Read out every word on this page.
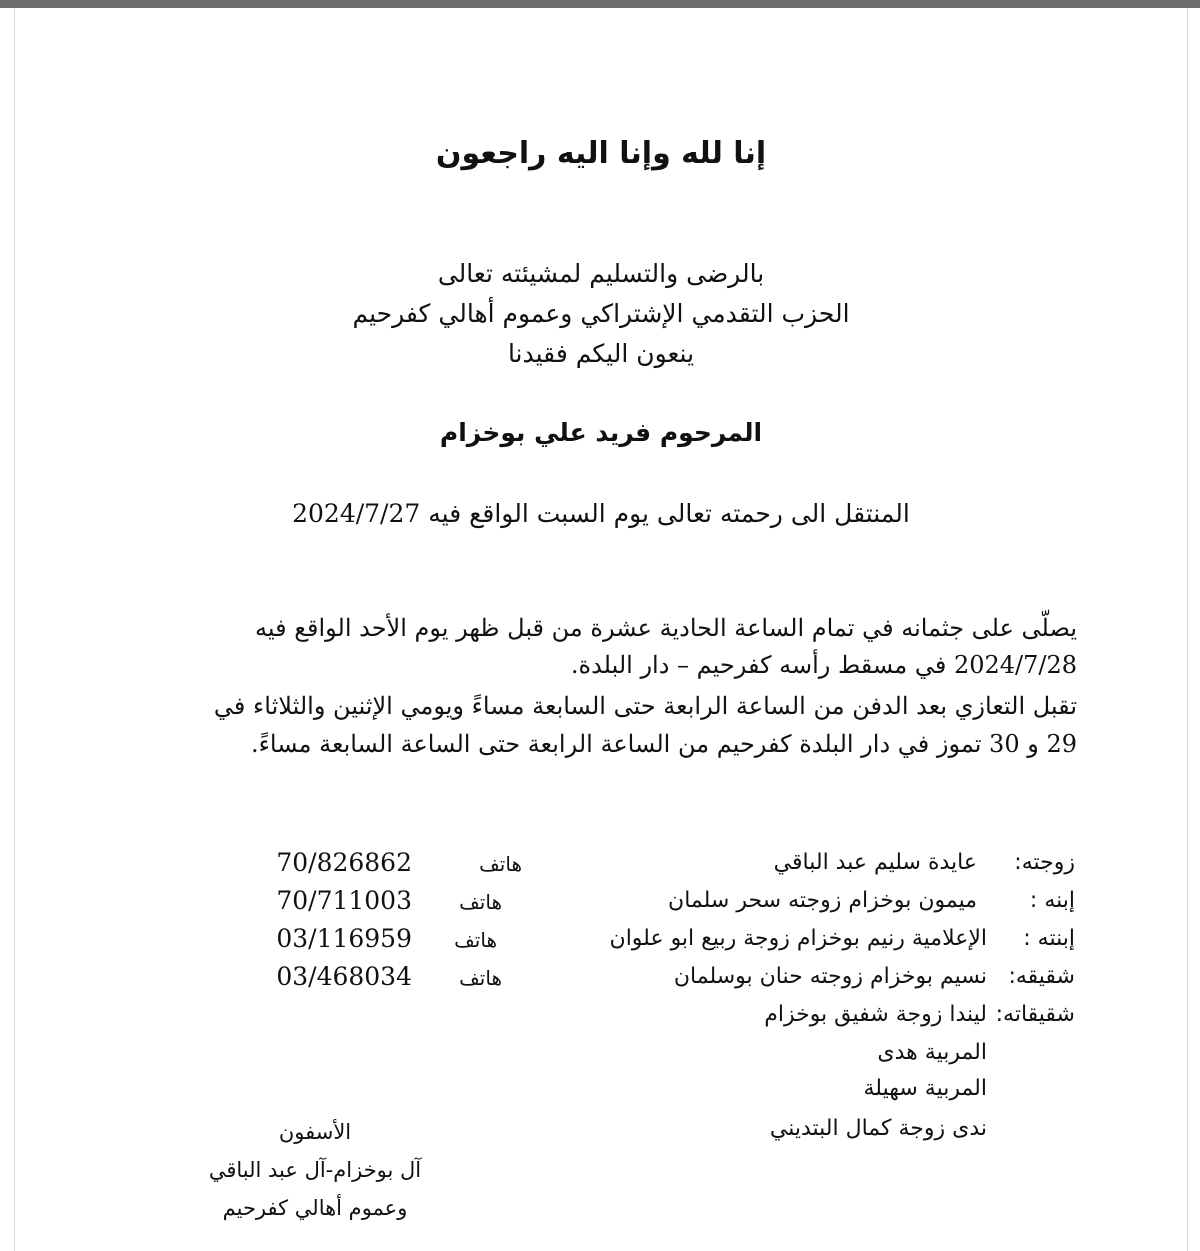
إنا لله وإنا اليه راجعون
بالرضى والتسليم لمشيئته تعالى
الحزب التقدمي الإشتراكي وعموم أهالي كفرحيم
ينعون اليكم فقيدنا
المرحوم فريد علي بوخزام
المنتقل الى رحمته تعالى يوم السبت الواقع فيه 2024/7/27
يصلّى على جثمانه في تمام الساعة الحادية عشرة من قبل ظهر يوم الأحد الواقع فيه
2024/7/28 في مسقط رأسه كفرحيم – دار البلدة.
تقبل التعازي بعد الدفن من الساعة الرابعة حتى السابعة مساءً ويومي الإثنين والثلاثاء في
29 و 30 تموز في دار البلدة كفرحيم من الساعة الرابعة حتى الساعة السابعة مساءً.
زوجته:
عايدة سليم عبد الباقي
هاتف
70/826862
إبنه :
ميمون بوخزام زوجته سحر سلمان
هاتف
70/711003
إبنته :
الإعلامية رنيم بوخزام زوجة ربيع ابو علوان
هاتف
03/116959
شقيقه:
نسيم بوخزام زوجته حنان بوسلمان
هاتف
03/468034
شقيقاته:
ليندا زوجة شفيق بوخزام
المربية هدى
المربية سهيلة
ندى زوجة كمال البتديني
الأسفون
آل بوخزام-آل عبد الباقي
وعموم أهالي كفرحيم
